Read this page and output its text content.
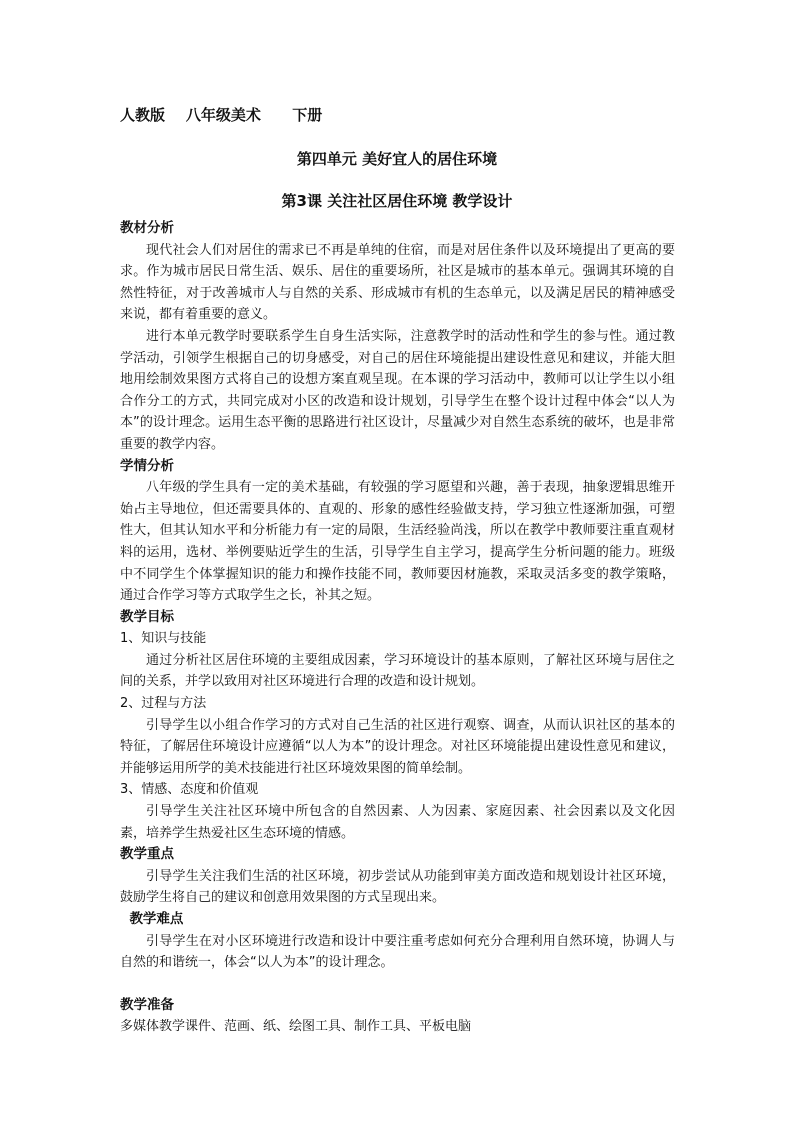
人教版 八年级美术 下册
第四单元 美好宜人的居住环境
第3课 关注社区居住环境 教学设计

教材分析

现代社会人们对居住的需求已不再是单纯的住宿，而是对居住条件以及环境提出了更高的要求。作为城市居民日常生活、娱乐、居住的重要场所，社区是城市的基本单元。强调其环境的自然性特征，对于改善城市人与自然的关系、形成城市有机的生态单元，以及满足居民的精神感受来说，都有着重要的意义。

进行本单元教学时要联系学生自身生活实际，注意教学时的活动性和学生的参与性。通过教学活动，引领学生根据自己的切身感受，对自己的居住环境能提出建设性意见和建议，并能大胆地用绘制效果图方式将自己的设想方案直观呈现。在本课的学习活动中，教师可以让学生以小组合作分工的方式，共同完成对小区的改造和设计规划，引导学生在整个设计过程中体会“以人为本”的设计理念。运用生态平衡的思路进行社区设计，尽量减少对自然生态系统的破坏，也是非常重要的教学内容。

学情分析

八年级的学生具有一定的美术基础，有较强的学习愿望和兴趣，善于表现，抽象逻辑思维开始占主导地位，但还需要具体的、直观的、形象的感性经验做支持，学习独立性逐渐加强，可塑性大，但其认知水平和分析能力有一定的局限，生活经验尚浅，所以在教学中教师要注重直观材料的运用，选材、举例要贴近学生的生活，引导学生自主学习，提高学生分析问题的能力。班级中不同学生个体掌握知识的能力和操作技能不同，教师要因材施教，采取灵活多变的教学策略，通过合作学习等方式取学生之长，补其之短。

教学目标

1、知识与技能

通过分析社区居住环境的主要组成因素，学习环境设计的基本原则，了解社区环境与居住之间的关系，并学以致用对社区环境进行合理的改造和设计规划。

2、过程与方法

引导学生以小组合作学习的方式对自己生活的社区进行观察、调查，从而认识社区的基本的特征，了解居住环境设计应遵循“以人为本”的设计理念。对社区环境能提出建设性意见和建议，并能够运用所学的美术技能进行社区环境效果图的简单绘制。

3、情感、态度和价值观

引导学生关注社区环境中所包含的自然因素、人为因素、家庭因素、社会因素以及文化因素，培养学生热爱社区生态环境的情感。

教学重点

引导学生关注我们生活的社区环境，初步尝试从功能到审美方面改造和规划设计社区环境，鼓励学生将自己的建议和创意用效果图的方式呈现出来。

教学难点

引导学生在对小区环境进行改造和设计中要注重考虑如何充分合理利用自然环境，协调人与自然的和谐统一，体会“以人为本”的设计理念。

教学准备

多媒体教学课件、范画、纸、绘图工具、制作工具、平板电脑
